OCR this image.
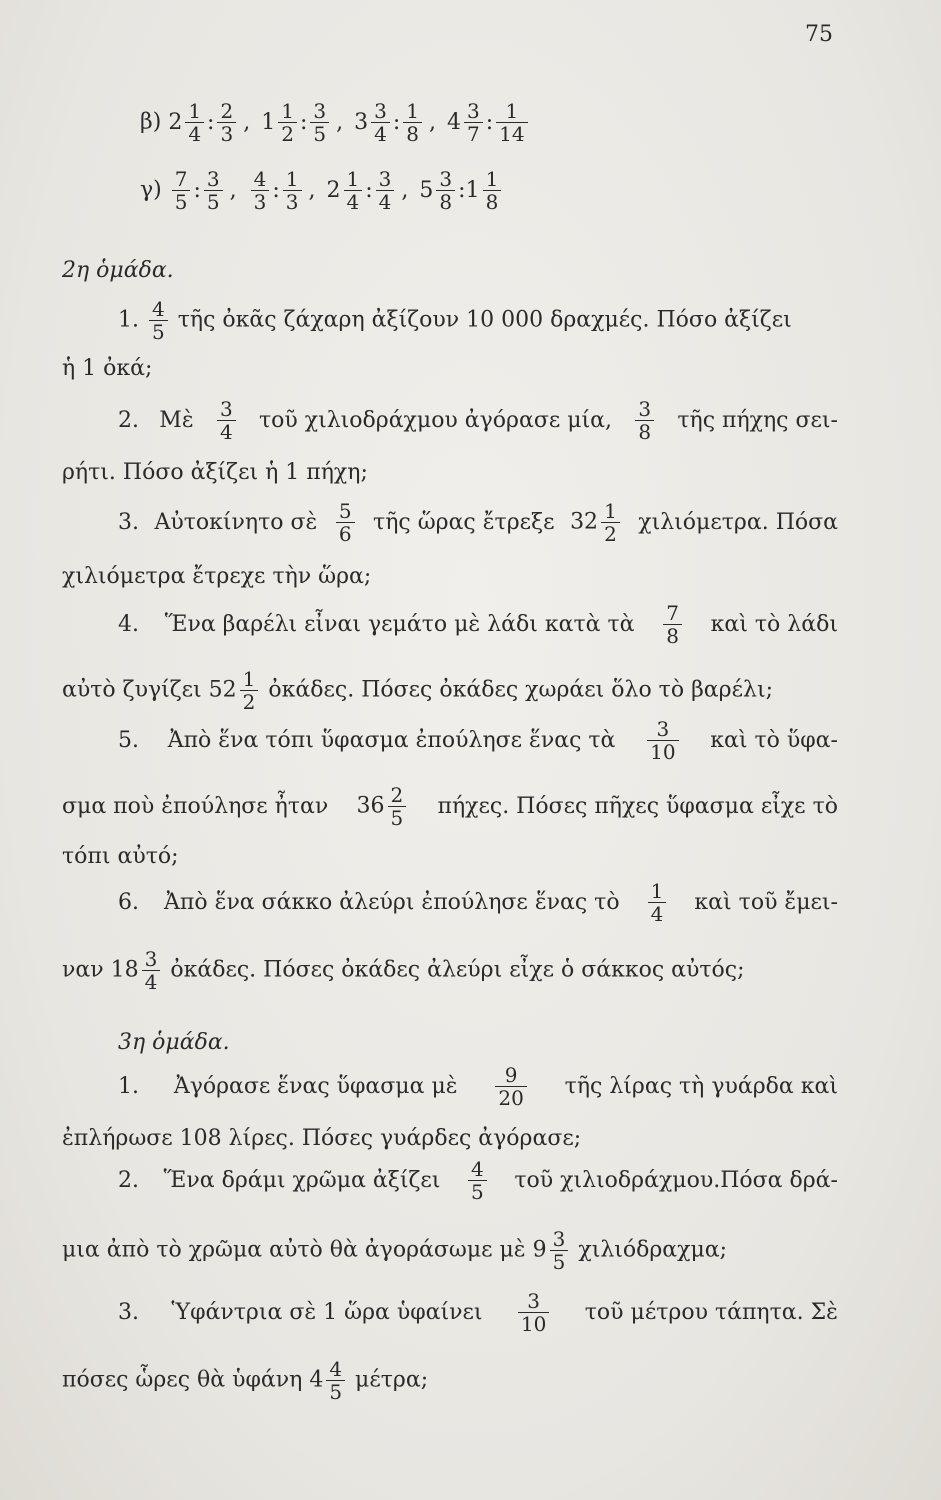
75
β) $2 \frac{1}{4}$ : $\frac{2}{3}$ , $1 \frac{1}{2}$ : $\frac{3}{5}$ , $3 \frac{3}{4}$ : $\frac{1}{8}$ , $4 \frac{3}{7}$ : $\frac{1}{14}$
$\gamma) \frac{7}{5}$ : $\frac{3}{5}$ , $\frac{4}{3}$ : $\frac{1}{3}$ , $2 \frac{1}{4}$ : $\frac{3}{4}$ , $5 \frac{3}{8}$ :1 $\frac{1}{8}$
2η ὁμάδα.
1. $\frac{4}{5}$ τῆς ὀκᾶς ζάχαρη ἀξίζουν 10 000 δραχμές. Πόσο ἀξίζει
ἡ 1 ὀκά;
2. Μὲ $\frac{3}{4}$ τοῦ χιλιοδράχμου ἀγόρασε μία, $\frac{3}{8}$ τῆς πήχης σει-
ρήτι. Πόσο ἀξίζει ἡ 1 πήχη;
3. Αὐτοκίνητο σὲ $\frac{5}{6}$ τῆς ὥρας ἔτρεξε $32 \frac{1}{2} \chi\iota\lambda\iota ό\mu\varepsilon\tau\rho\alpha$. Πόσα
χιλιόμετρα ἔτρεχε τὴν ὥρα;
4. Ἕνα βαρέλι εἶναι γεμάτο μὲ λάδι κατὰ τὰ $\frac{7}{8}$ καὶ τὸ λάδι
αὐτὸ ζυγίζει $52 \frac{1}{2}$ ὀκάδες. Πόσες ὀκάδες χωράει ὅλο τὸ βαρέλι;
5. Ἀπὸ ἕνα τόπι ὕφασμα ἐπούλησε ἕνας τὰ $\frac{3}{10}$ καὶ τὸ ὕφα-
σμα ποὺ ἐπούλησε ἦταν $36 \frac{2}{5} \pi ή\chi\varepsilon\varsigma$. Πόσες πῆχες ὕφασμα εἶχε τὸ
τόπι αὐτό;
6. Ἀπὸ ἕνα σάκκο ἀλεύρι ἐπούλησε ἕνας τὸ $\frac{1}{4}$ καὶ τοῦ ἔμει-
ναν $18 \frac{3}{4}$ ὀκάδες. Πόσες ὀκάδες ἀλεύρι εἶχε ὁ σάκκος αὐτός;
3η ὁμάδα.
1. Ἀγόρασε ἕνας ὕφασμα μὲ $\frac{9}{20}$ τῆς λίρας τὴ γυάρδα καὶ
ἐπλήρωσε 108 λίρες. Πόσες γυάρδες ἀγόρασε;
2. Ἕνα δράμι χρῶμα ἀξίζει $\frac{4}{5}$ τοῦ χιλιοδράχμου.Πόσα δρά-
μια ἀπὸ τὸ χρῶμα αὐτὸ θὰ ἀγοράσωμε μὲ $9 \frac{3}{5} \chi\iota\lambda\iota ό\delta\rho\alpha\chi\mu\alpha$;
3. Ὑφάντρια σὲ 1 ὥρα ὑφαίνει $\frac{3}{10}$ τοῦ μέτρου τάπητα. Σὲ
πόσες ὧρες θὰ ὑφάνη $4 \frac{4}{5} \mu έ\tau\rho\alpha$;
